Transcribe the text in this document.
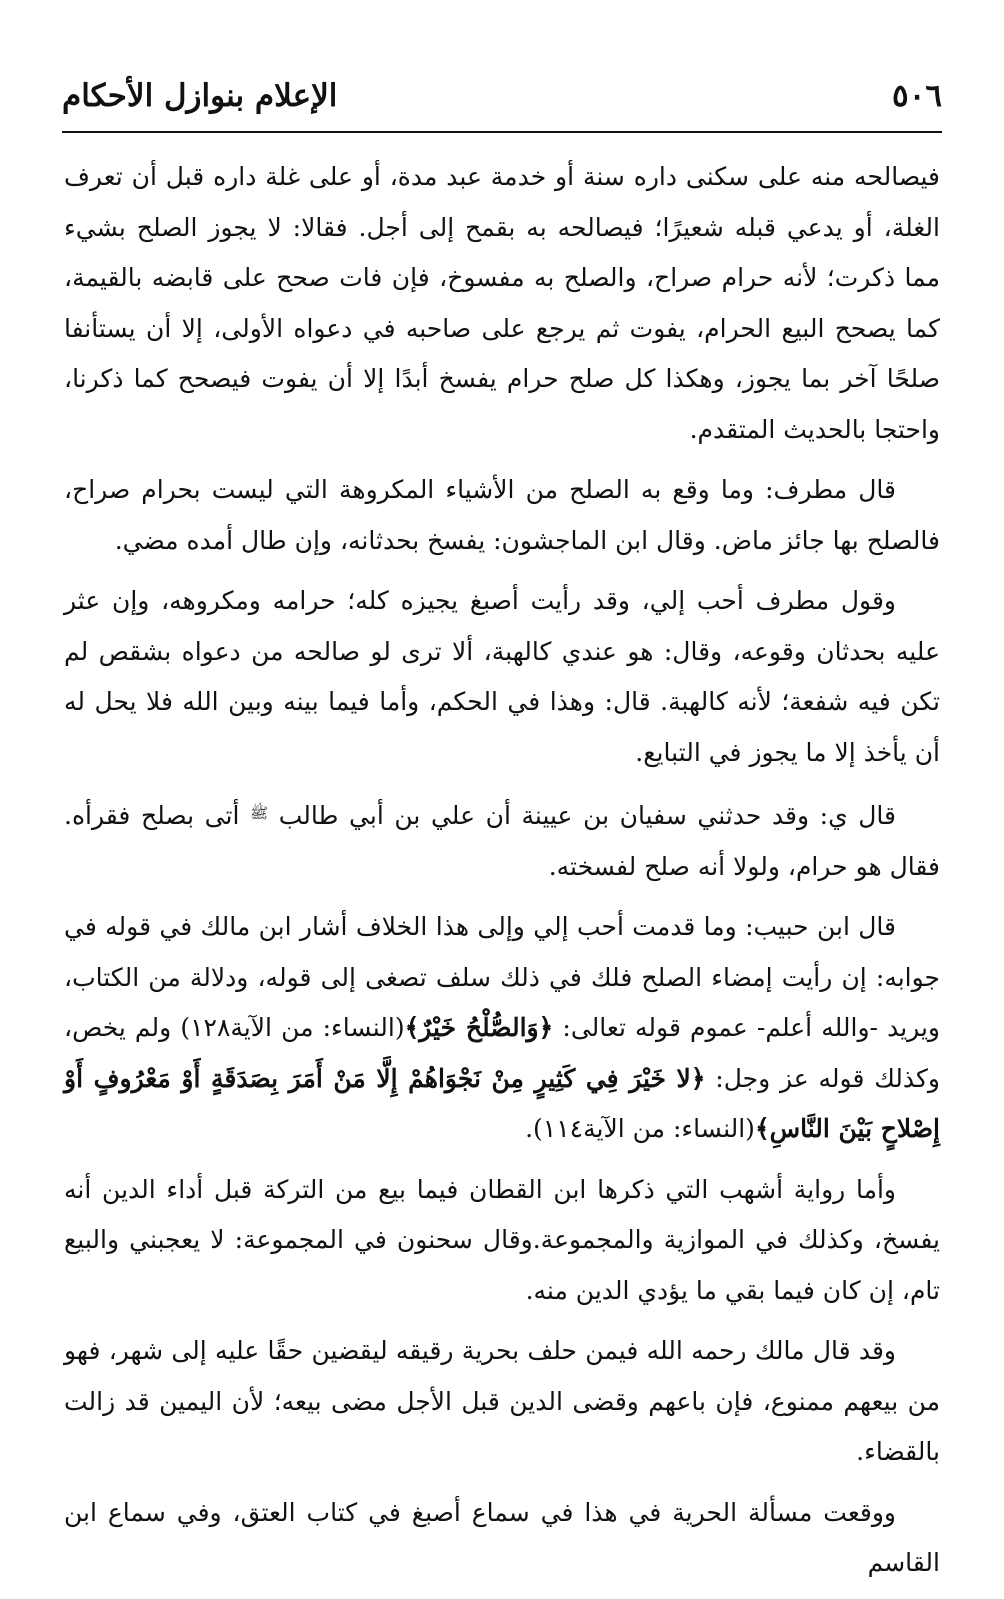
٥٠٦
الإعلام بنوازل الأحكام

فيصالحه منه على سكنى داره سنة أو خدمة عبد مدة، أو على غلة داره قبل أن تعرف الغلة، أو يدعي قبله شعيرًا؛ فيصالحه به بقمح إلى أجل. فقالا: لا يجوز الصلح بشيء مما ذكرت؛ لأنه حرام صراح، والصلح به مفسوخ، فإن فات صحح على قابضه بالقيمة، كما يصحح البيع الحرام، يفوت ثم يرجع على صاحبه في دعواه الأولى، إلا أن يستأنفا صلحًا آخر بما يجوز، وهكذا كل صلح حرام يفسخ أبدًا إلا أن يفوت فيصحح كما ذكرنا، واحتجا بالحديث المتقدم.

قال مطرف: وما وقع به الصلح من الأشياء المكروهة التي ليست بحرام صراح، فالصلح بها جائز ماض. وقال ابن الماجشون: يفسخ بحدثانه، وإن طال أمده مضي.

وقول مطرف أحب إلي، وقد رأيت أصبغ يجيزه كله؛ حرامه ومكروهه، وإن عثر عليه بحدثان وقوعه، وقال: هو عندي كالهبة، ألا ترى لو صالحه من دعواه بشقص لم تكن فيه شفعة؛ لأنه كالهبة. قال: وهذا في الحكم، وأما فيما بينه وبين الله فلا يحل له أن يأخذ إلا ما يجوز في التبايع.

قال ي: وقد حدثني سفيان بن عيينة أن علي بن أبي طالب $^ﷺ$ أتى بصلح فقرأه. فقال هو حرام، ولولا أنه صلح لفسخته.

قال ابن حبيب: وما قدمت أحب إلي وإلى هذا الخلاف أشار ابن مالك في قوله في جوابه: إن رأيت إمضاء الصلح فلك في ذلك سلف تصغى إلى قوله، ودلالة من الكتاب، ويريد -والله أعلم- عموم قوله تعالى: ﴿وَالصُّلْحُ خَيْرٌ﴾(النساء: من الآية١٢٨) ولم يخص، وكذلك قوله عز وجل: ﴿لا خَيْرَ فِي كَثِيرٍ مِنْ نَجْوَاهُمْ إِلَّا مَنْ أَمَرَ بِصَدَقَةٍ أَوْ مَعْرُوفٍ أَوْ إِصْلاحٍ بَيْنَ النَّاسِ﴾(النساء: من الآية١١٤).

وأما رواية أشهب التي ذكرها ابن القطان فيما بيع من التركة قبل أداء الدين أنه يفسخ، وكذلك في الموازية والمجموعة.وقال سحنون في المجموعة: لا يعجبني والبيع تام، إن كان فيما بقي ما يؤدي الدين منه.

وقد قال مالك رحمه الله فيمن حلف بحرية رقيقه ليقضين حقًا عليه إلى شهر، فهو من بيعهم ممنوع، فإن باعهم وقضى الدين قبل الأجل مضى بيعه؛ لأن اليمين قد زالت بالقضاء.

ووقعت مسألة الحرية في هذا في سماع أصبغ في كتاب العتق، وفي سماع ابن القاسم
